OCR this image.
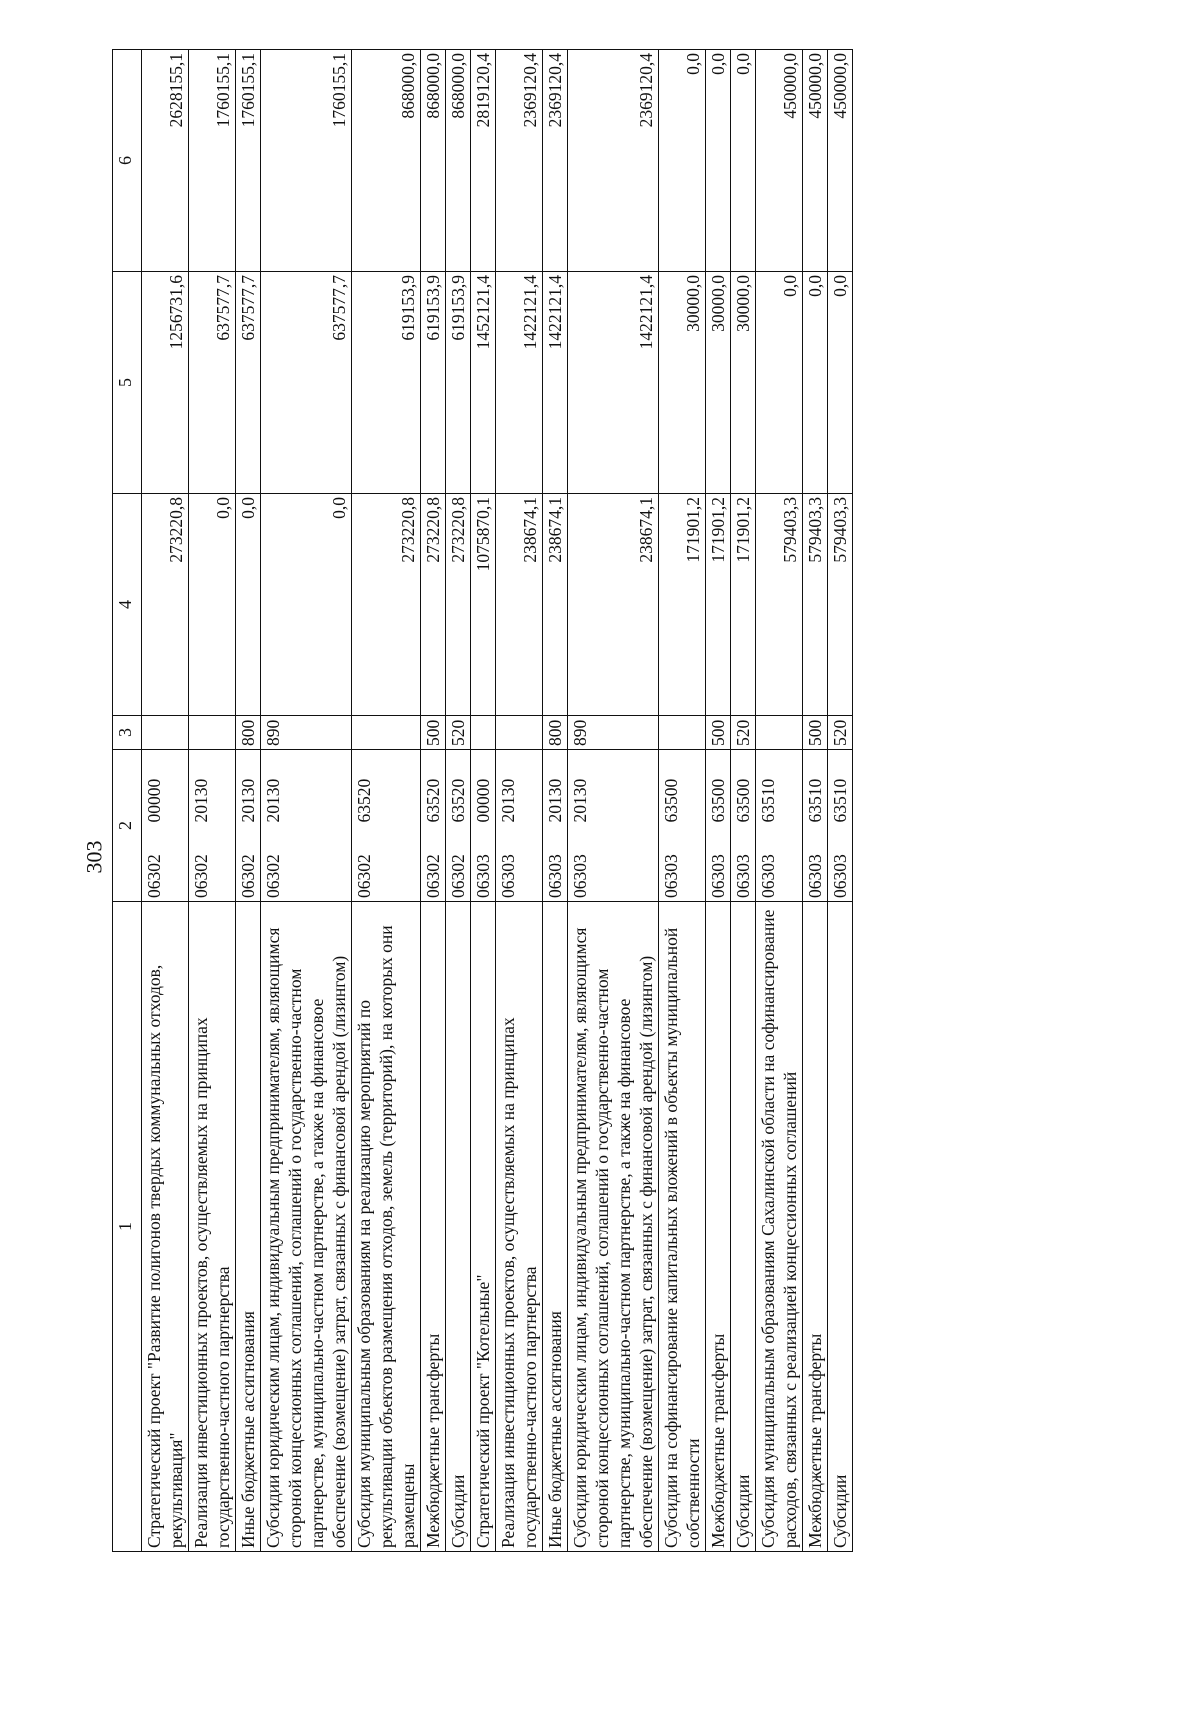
303
1	2		3	4	5	6
Стратегический проект "Развитие полигонов твердых коммунальных отходов, рекультивация"	06302	00000		273220,8	1256731,6	2628155,1
Реализация инвестиционных проектов, осуществляемых на принципах государственно-частного партнерства	06302	20130		0,0	637577,7	1760155,1
Иные бюджетные ассигнования	06302	20130	800	0,0	637577,7	1760155,1
Субсидии юридическим лицам, индивидуальным предпринимателям, являющимся стороной концессионных соглашений, соглашений о государственно-частном партнерстве, муниципально-частном партнерстве, а также на финансовое обеспечение (возмещение) затрат, связанных с финансовой арендой (лизингом)	06302	20130	890	0,0	637577,7	1760155,1
Субсидия муниципальным образованиям на реализацию мероприятий по рекультивации объектов размещения отходов, земель (территорий), на которых они размещены	06302	63520		273220,8	619153,9	868000,0
Межбюджетные трансферты	06302	63520	500	273220,8	619153,9	868000,0
Субсидии	06302	63520	520	273220,8	619153,9	868000,0
Стратегический проект "Котельные"	06303	00000		1075870,1	1452121,4	2819120,4
Реализация инвестиционных проектов, осуществляемых на принципах государственно-частного партнерства	06303	20130		238674,1	1422121,4	2369120,4
Иные бюджетные ассигнования	06303	20130	800	238674,1	1422121,4	2369120,4
Субсидии юридическим лицам, индивидуальным предпринимателям, являющимся стороной концессионных соглашений, соглашений о государственно-частном партнерстве, муниципально-частном партнерстве, а также на финансовое обеспечение (возмещение) затрат, связанных с финансовой арендой (лизингом)	06303	20130	890	238674,1	1422121,4	2369120,4
Субсидии на софинансирование капитальных вложений в объекты муниципальной собственности	06303	63500		171901,2	30000,0	0,0
Межбюджетные трансферты	06303	63500	500	171901,2	30000,0	0,0
Субсидии	06303	63500	520	171901,2	30000,0	0,0
Субсидия муниципальным образованиям Сахалинской области на софинансирование расходов, связанных с реализацией концессионных соглашений	06303	63510		579403,3	0,0	450000,0
Межбюджетные трансферты	06303	63510	500	579403,3	0,0	450000,0
Субсидии	06303	63510	520	579403,3	0,0	450000,0
